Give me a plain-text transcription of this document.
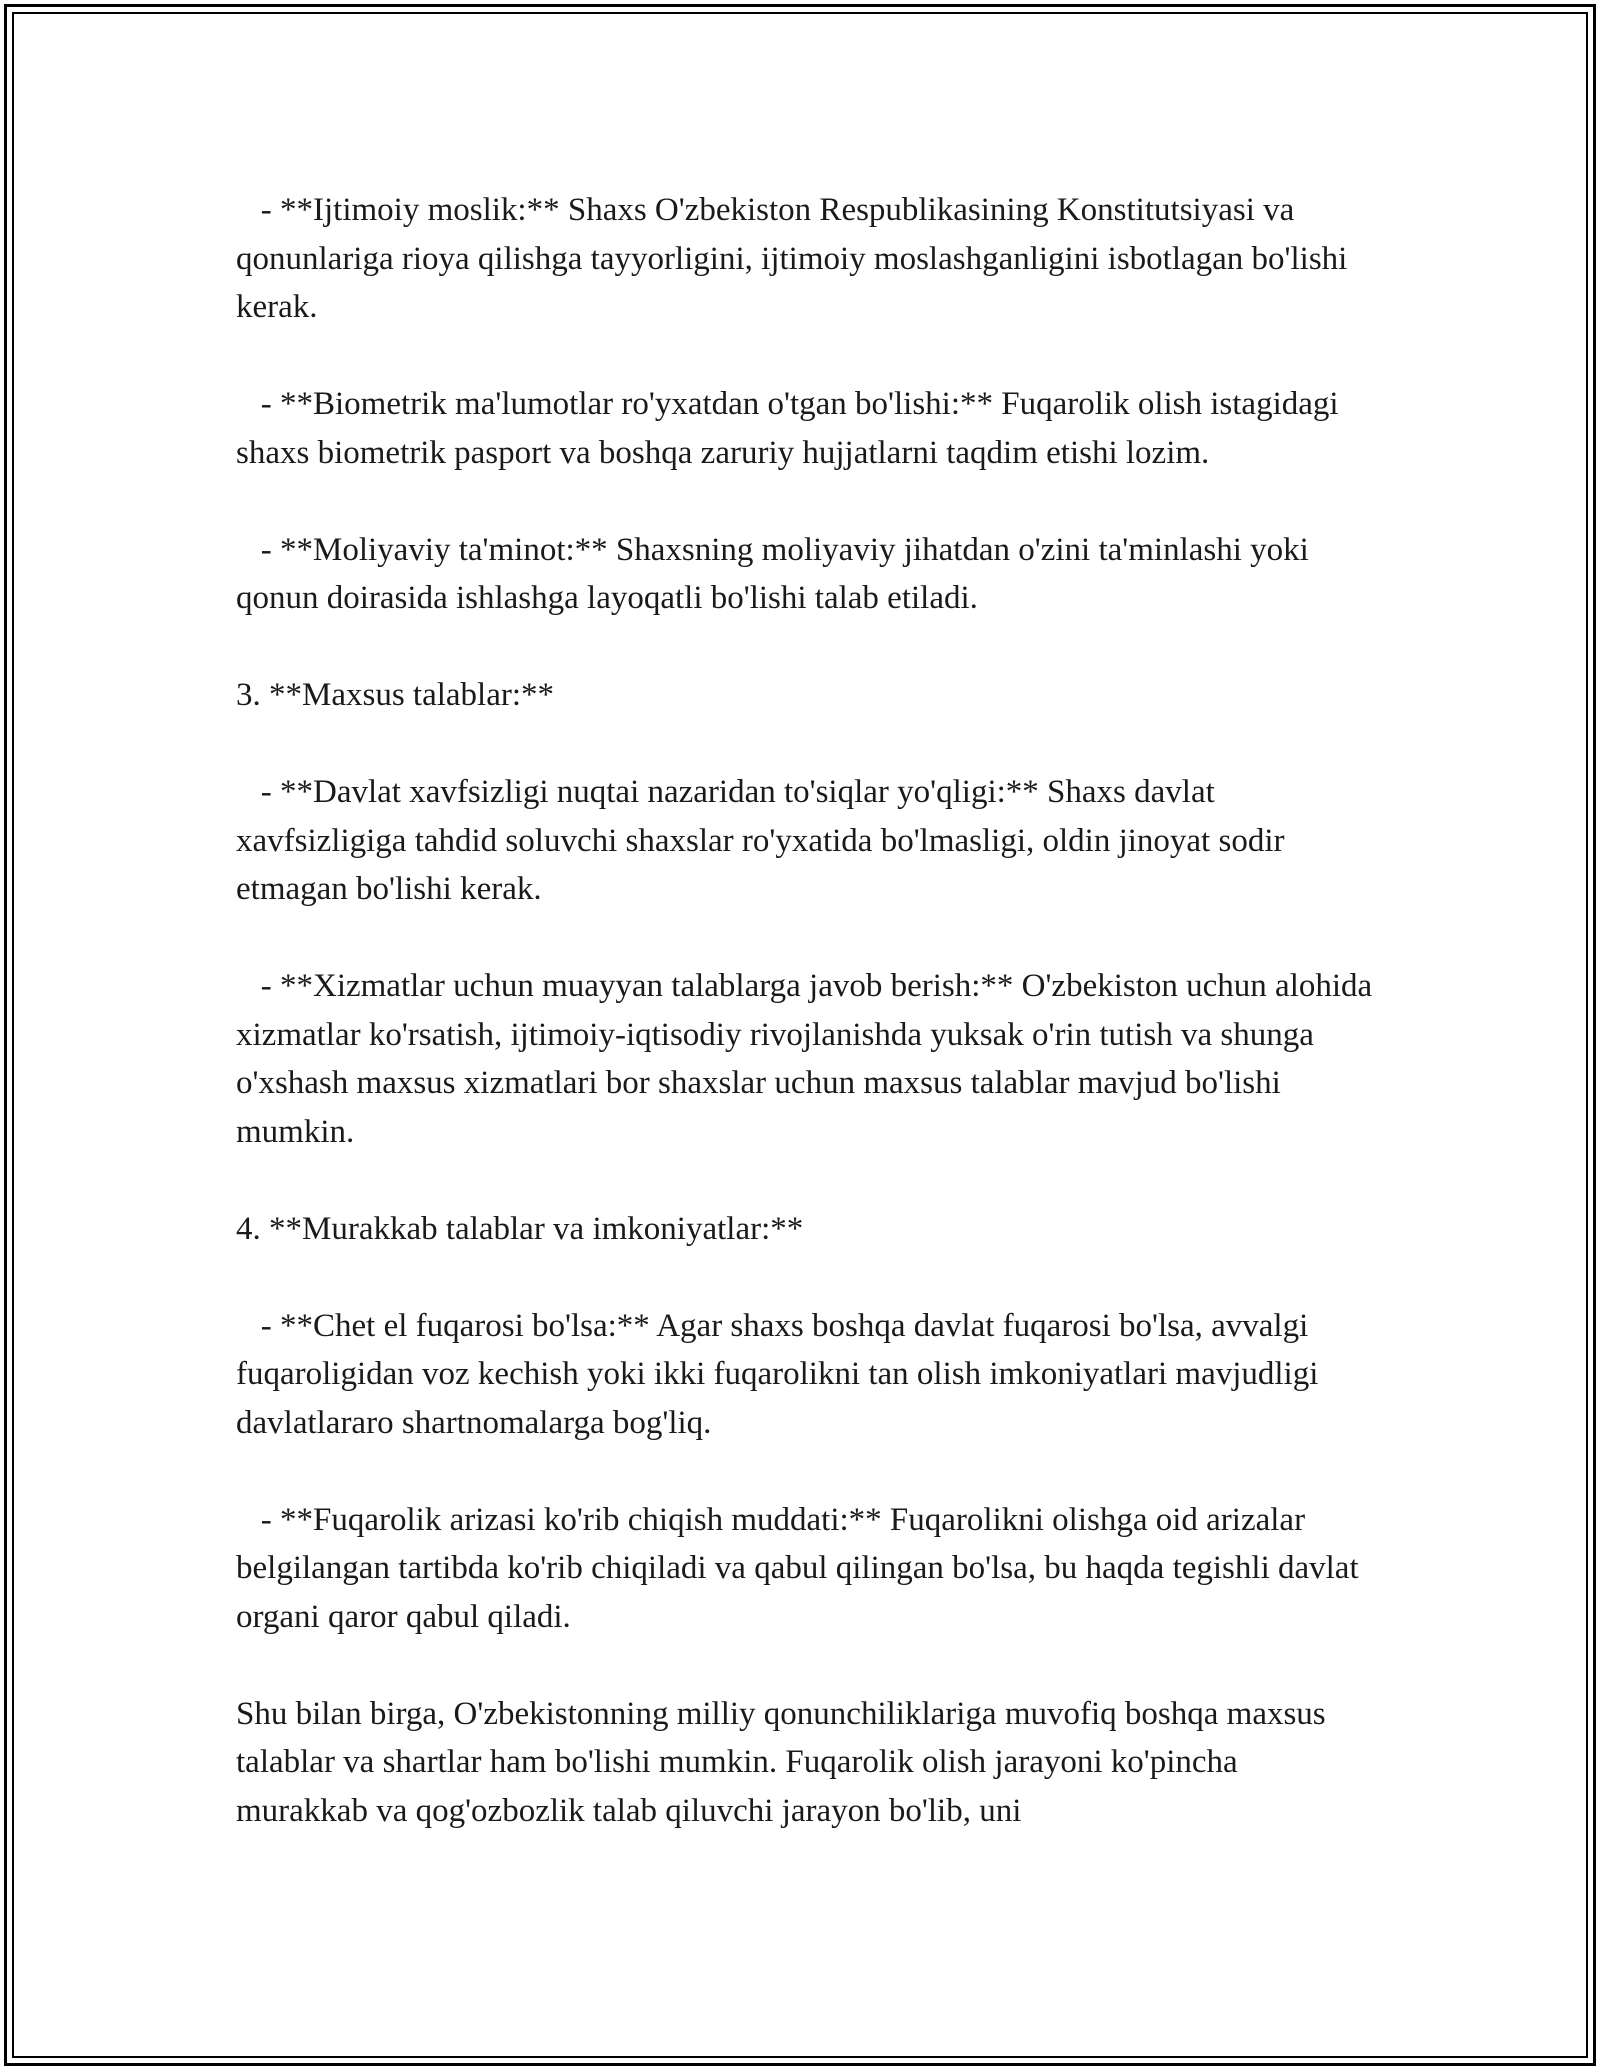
- **Ijtimoiy moslik:** Shaxs O'zbekiston Respublikasining Konstitutsiyasi va qonunlariga rioya qilishga tayyorligini, ijtimoiy moslashganligini isbotlagan bo'lishi kerak.

- **Biometrik ma'lumotlar ro'yxatdan o'tgan bo'lishi:** Fuqarolik olish istagidagi shaxs biometrik pasport va boshqa zaruriy hujjatlarni taqdim etishi lozim.

- **Moliyaviy ta'minot:** Shaxsning moliyaviy jihatdan o'zini ta'minlashi yoki qonun doirasida ishlashga layoqatli bo'lishi talab etiladi.

3. **Maxsus talablar:**

- **Davlat xavfsizligi nuqtai nazaridan to'siqlar yo'qligi:** Shaxs davlat xavfsizligiga tahdid soluvchi shaxslar ro'yxatida bo'lmasligi, oldin jinoyat sodir etmagan bo'lishi kerak.

- **Xizmatlar uchun muayyan talablarga javob berish:** O'zbekiston uchun alohida xizmatlar ko'rsatish, ijtimoiy-iqtisodiy rivojlanishda yuksak o'rin tutish va shunga o'xshash maxsus xizmatlari bor shaxslar uchun maxsus talablar mavjud bo'lishi mumkin.

4. **Murakkab talablar va imkoniyatlar:**

- **Chet el fuqarosi bo'lsa:** Agar shaxs boshqa davlat fuqarosi bo'lsa, avvalgi fuqaroligidan voz kechish yoki ikki fuqarolikni tan olish imkoniyatlari mavjudligi davlatlararo shartnomalarga bog'liq.

- **Fuqarolik arizasi ko'rib chiqish muddati:** Fuqarolikni olishga oid arizalar belgilangan tartibda ko'rib chiqiladi va qabul qilingan bo'lsa, bu haqda tegishli davlat organi qaror qabul qiladi.

Shu bilan birga, O'zbekistonning milliy qonunchiliklariga muvofiq boshqa maxsus talablar va shartlar ham bo'lishi mumkin. Fuqarolik olish jarayoni ko'pincha murakkab va qog'ozbozlik talab qiluvchi jarayon bo'lib, uni
